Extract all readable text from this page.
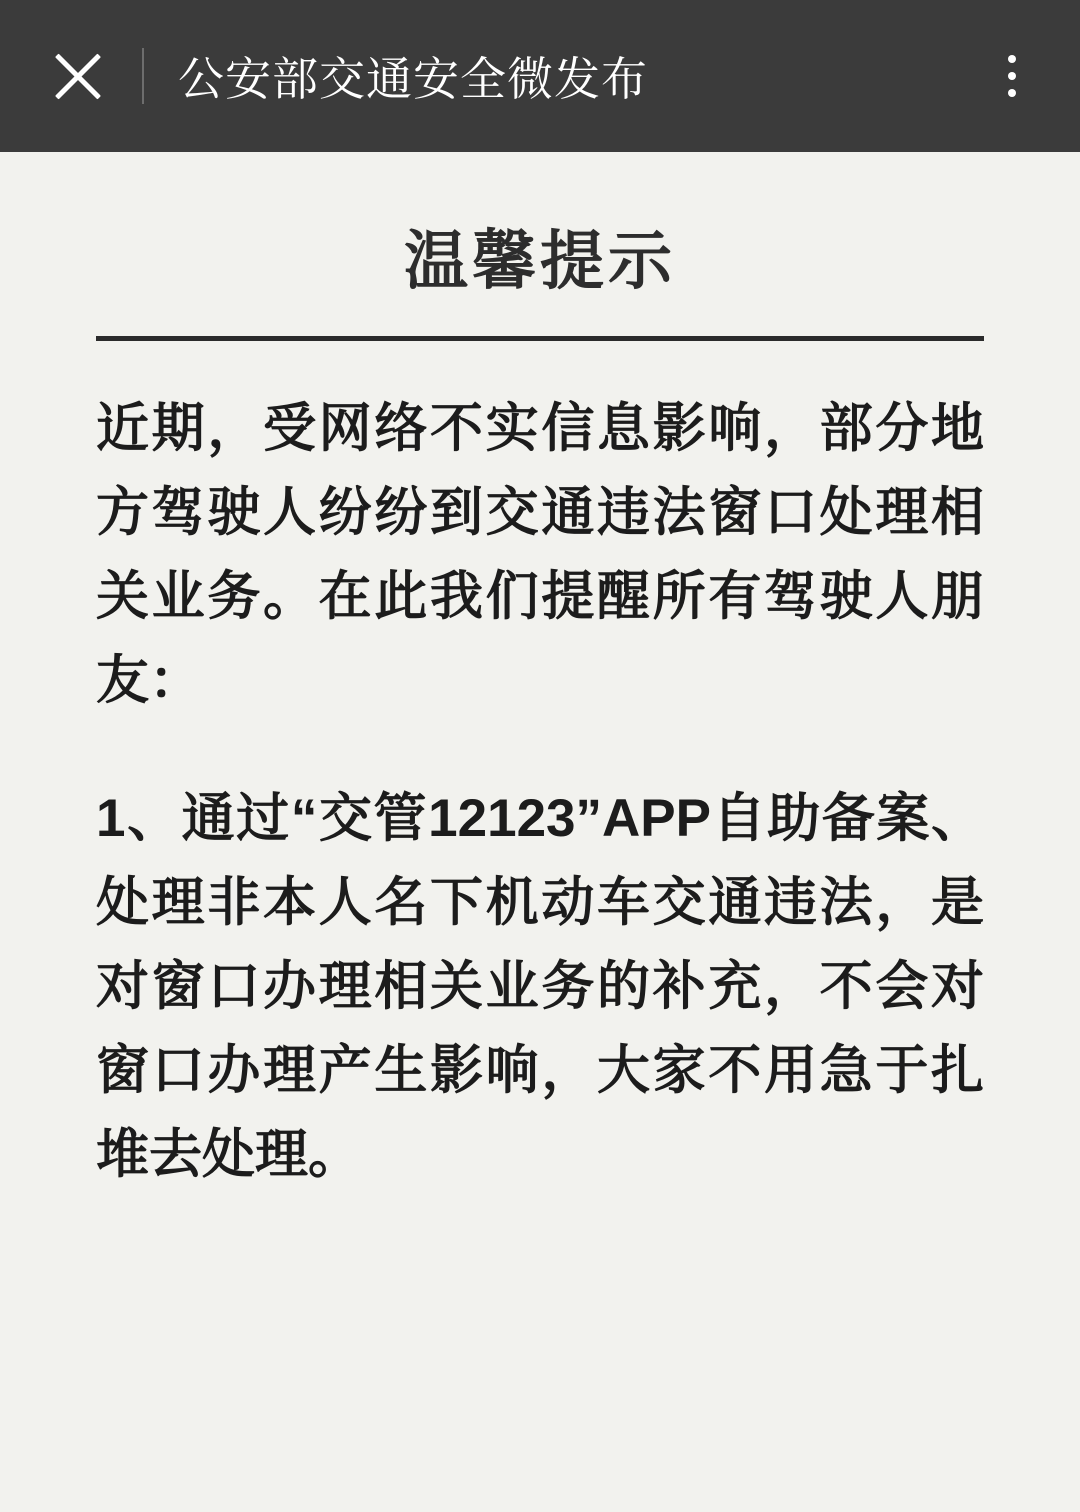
公安部交通安全微发布
温馨提示

近期，受网络不实信息影响，部分地方驾驶人纷纷到交通违法窗口处理相关业务。在此我们提醒所有驾驶人朋友：

1、通过“交管12123”APP自助备案、处理非本人名下机动车交通违法，是对窗口办理相关业务的补充，不会对窗口办理产生影响，大家不用急于扎堆去处理。
